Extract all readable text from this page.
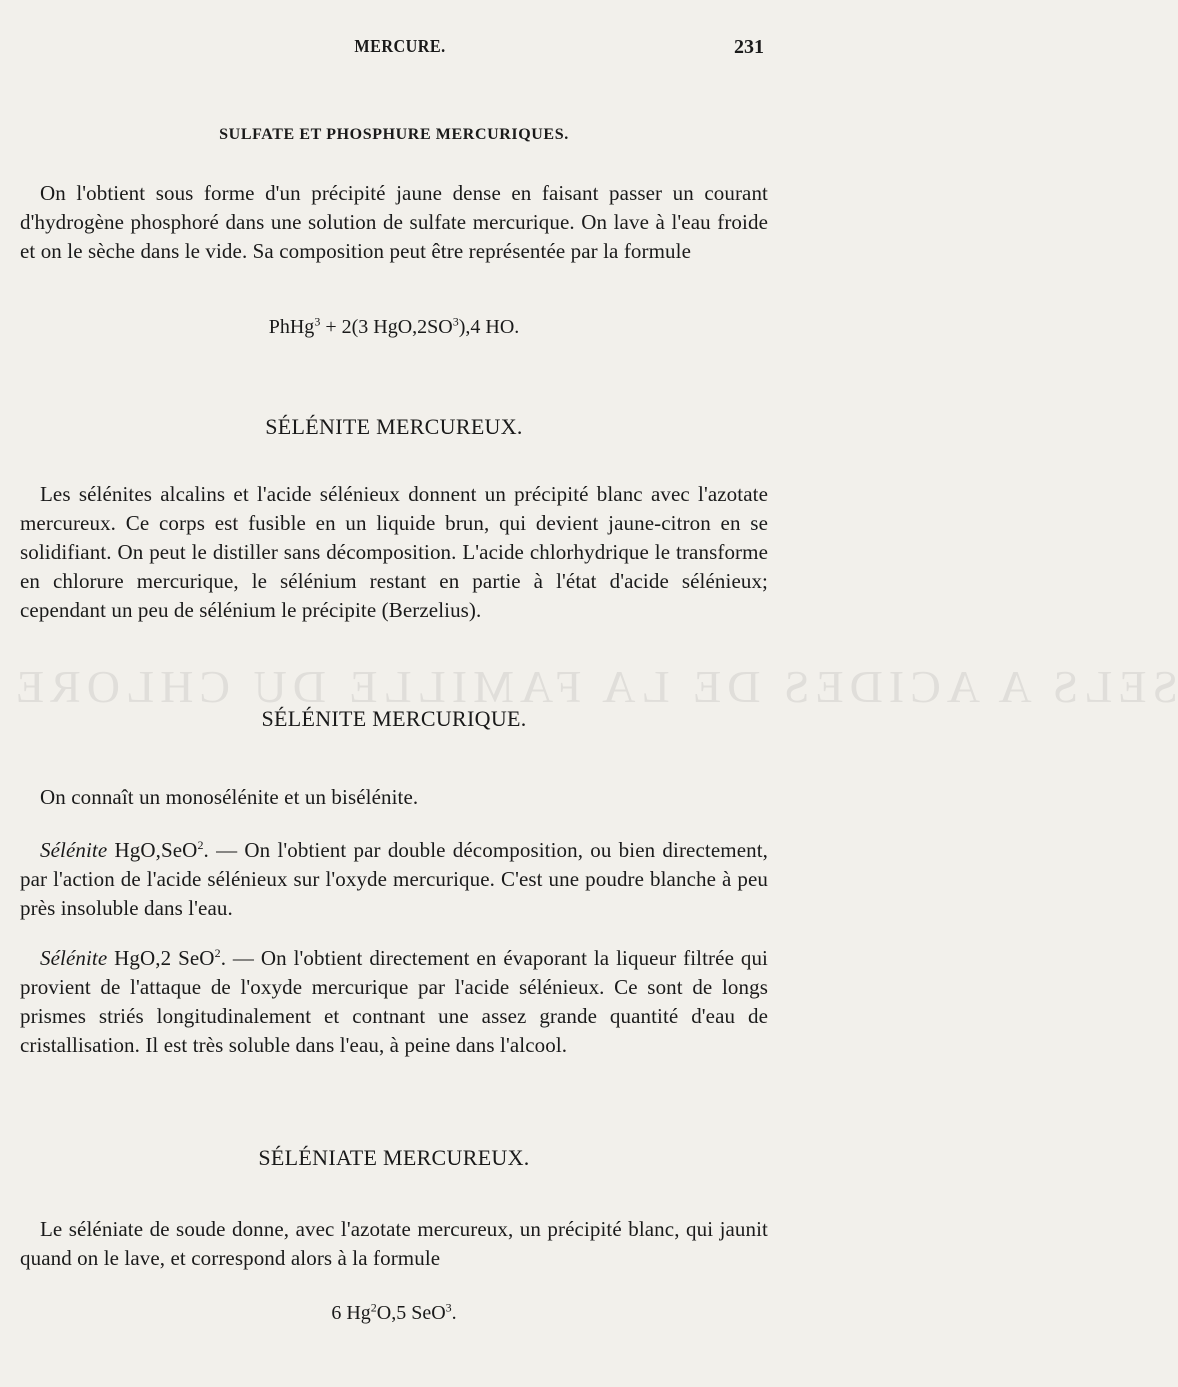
SELS A ACIDES DE LA FAMILLE DU CHLORE
MERCURE.	231
SULFATE ET PHOSPHURE MERCURIQUES.
On l'obtient sous forme d'un précipité jaune dense en faisant passer un courant d'hydrogène phosphoré dans une solution de sulfate mercurique. On lave à l'eau froide et on le sèche dans le vide. Sa composition peut être représentée par la formule
PhHg$^3$ + 2(3 $HgO,2SO^3),4$ HO.
SÉLÉNITE MERCUREUX.
Les sélénites alcalins et l'acide sélénieux donnent un précipité blanc avec l'azotate mercureux. Ce corps est fusible en un liquide brun, qui devient jaune-citron en se solidifiant. On peut le distiller sans décomposition. L'acide chlorhydrique le transforme en chlorure mercurique, le sélénium restant en partie à l'état d'acide sélénieux; cependant un peu de sélénium le précipite (Berzelius).
SÉLÉNITE MERCURIQUE.
On connaît un monosélénite et un bisélénite.
Sélénite HgO,SeO$^2$. — On l'obtient par double décomposition, ou bien directement, par l'action de l'acide sélénieux sur l'oxyde mercurique. C'est une poudre blanche à peu près insoluble dans l'eau.
Sélénite HgO,2 SeO$^2$. — On l'obtient directement en évaporant la liqueur filtrée qui provient de l'attaque de l'oxyde mercurique par l'acide sélénieux. Ce sont de longs prismes striés longitudinalement et contnant une assez grande quantité d'eau de cristallisation. Il est très soluble dans l'eau, à peine dans l'alcool.
SÉLÉNIATE MERCUREUX.
Le séléniate de soude donne, avec l'azotate mercureux, un précipité blanc, qui jaunit quand on le lave, et correspond alors à la formule
6 Hg$^2$O,5 SeO$^3$.
